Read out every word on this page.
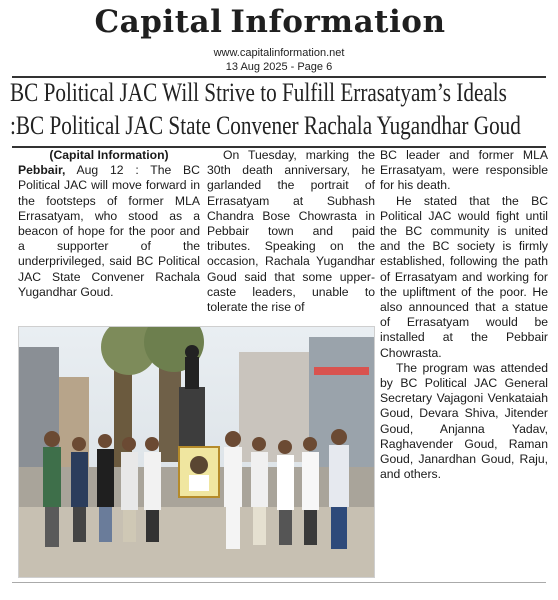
Capital Information
www.capitalinformation.net
13 Aug 2025 - Page 6
BC Political JAC Will Strive to Fulfill Errasatyam’s Ideals
:BC Political JAC State Convener Rachala Yugandhar Goud
(Capital Information)

Pebbair, Aug 12 : The BC Political JAC will move forward in the footsteps of former MLA Errasatyam, who stood as a beacon of hope for the poor and a supporter of the underprivileged, said BC Political JAC State Convener Rachala Yugandhar Goud.

On Tuesday, marking the 30th death anniversary, he garlanded the portrait of Errasatyam at Subhash Chandra Bose Chowrasta in Pebbair town and paid tributes. Speaking on the occasion, Rachala Yugandhar Goud said that some upper-caste leaders, unable to tolerate the rise of

BC leader and former MLA Errasatyam, were responsible for his death.

He stated that the BC Political JAC would fight until the BC community is united and the BC society is firmly established, following the path of Errasatyam and working for the upliftment of the poor. He also announced that a statue of Errasatyam would be installed at the Pebbair Chowrasta.

The program was attended by BC Political JAC General Secretary Vajagoni Venkataiah Goud, Devara Shiva, Jitender Goud, Anjanna Yadav, Raghavender Goud, Raman Goud, Janardhan Goud, Raju, and others.
